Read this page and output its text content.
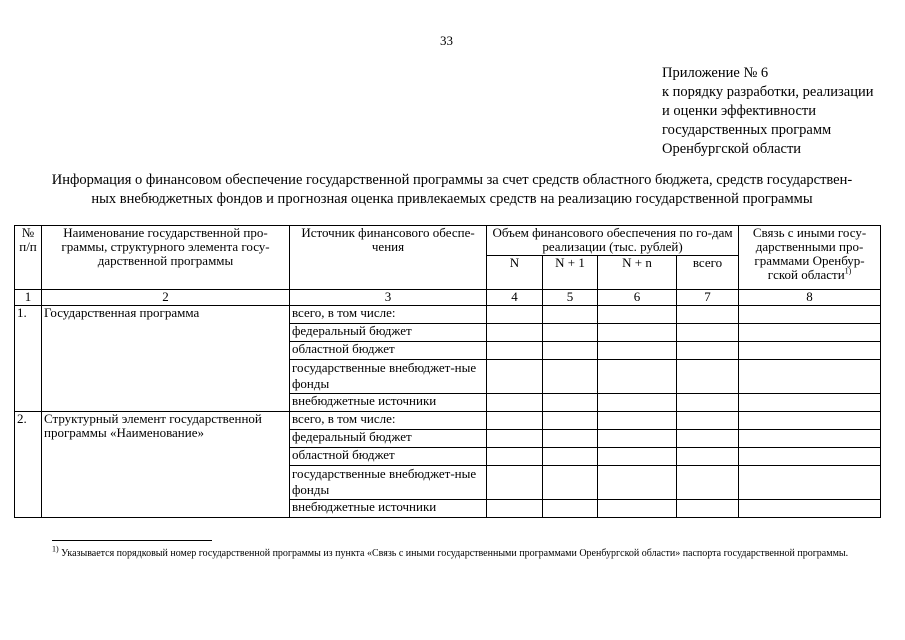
33
Приложение № 6
к порядку разработки, реализации
и оценки эффективности
государственных программ
Оренбургской области
Информация о финансовом обеспечение государственной программы за счет средств областного бюджета, средств государствен-
ных внебюджетных фондов и прогнозная оценка привлекаемых средств на реализацию государственной программы
№
п/п	Наименование государственной про-граммы, структурного элемента госу-дарственной программы	Источник финансового обеспе-чения	Объем финансового обеспечения по го-дам реализации (тыс. рублей)				Связь с иными госу-дарственными про-граммами Оренбур-гской области$^{1)}$
			N	N + 1	N + n	всего	
1	2	3	4	5	6	7	8
1.	Государственная программа	всего, в том числе:					
		федеральный бюджет					
		областной бюджет					
		государственные внебюджет-ные фонды					
		внебюджетные источники					
2.	Структурный элемент государственной программы «Наименование»	всего, в том числе:					
		федеральный бюджет					
		областной бюджет					
		государственные внебюджет-ные фонды					
		внебюджетные источники					
$^{1)}$ Указывается порядковый номер государственной программы из пункта «Связь с иными государственными программами Оренбургской области» паспорта государственной программы.
